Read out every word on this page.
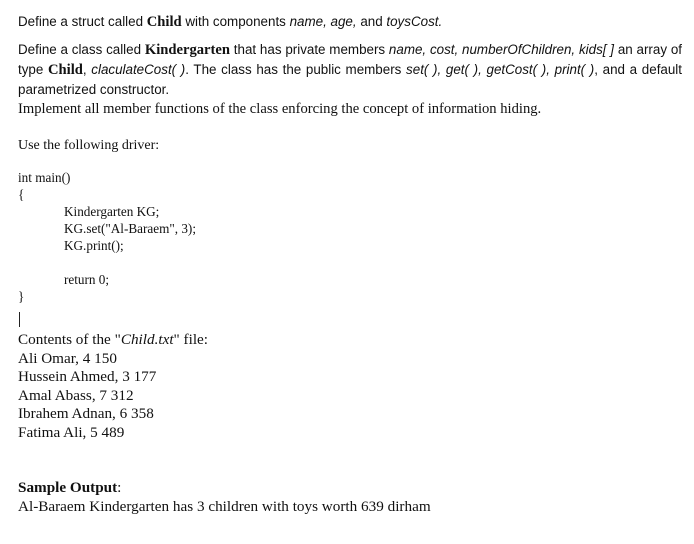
Define a struct called Child with components name, age, and toysCost.

Define a class called Kindergarten that has private members name, cost, numberOfChildren, kids[ ] an array of type Child, claculateCost( ). The class has the public members set( ), get( ), getCost( ), print( ), and a default parametrized constructor.

Implement all member functions of the class enforcing the concept of information hiding.

Use the following driver:

int main()
{
Kindergarten KG;
KG.set("Al-Baraem", 3);
KG.print();

return 0;
}
Contents of the "Child.txt" file:
Ali Omar, 4 150
Hussein Ahmed, 3 177
Amal Abass, 7 312
Ibrahem Adnan, 6 358
Fatima Ali, 5 489
Sample Output:
Al-Baraem Kindergarten has 3 children with toys worth 639 dirham
